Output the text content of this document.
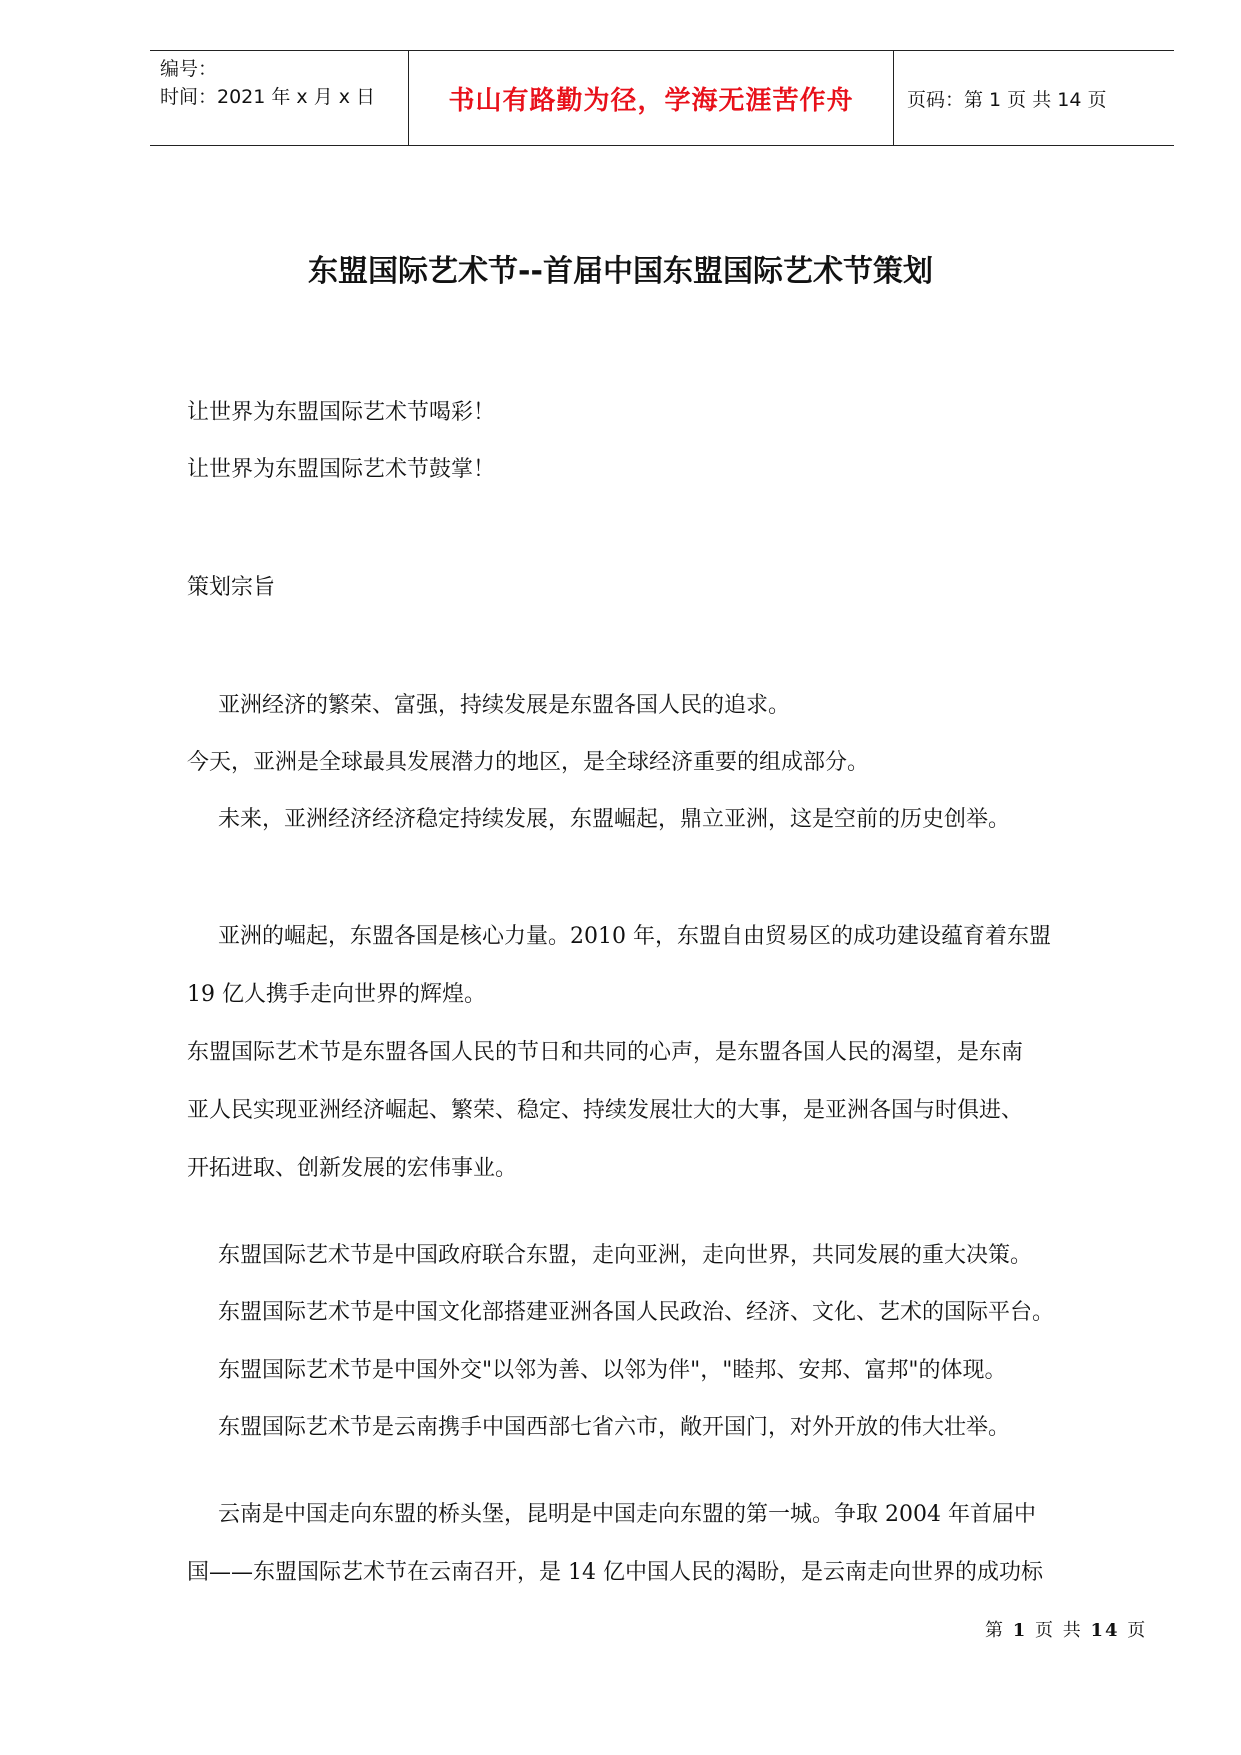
编号：
时间：2021 年 x 月 x 日	书山有路勤为径，学海无涯苦作舟	页码：第 1 页 共 14 页
东盟国际艺术节--首届中国东盟国际艺术节策划
让世界为东盟国际艺术节喝彩！
让世界为东盟国际艺术节鼓掌！
策划宗旨
亚洲经济的繁荣、富强，持续发展是东盟各国人民的追求。
今天，亚洲是全球最具发展潜力的地区，是全球经济重要的组成部分。
未来，亚洲经济经济稳定持续发展，东盟崛起，鼎立亚洲，这是空前的历史创举。
亚洲的崛起，东盟各国是核心力量。2010 年，东盟自由贸易区的成功建设蕴育着东盟
19 亿人携手走向世界的辉煌。
东盟国际艺术节是东盟各国人民的节日和共同的心声，是东盟各国人民的渴望，是东南
亚人民实现亚洲经济崛起、繁荣、稳定、持续发展壮大的大事，是亚洲各国与时俱进、
开拓进取、创新发展的宏伟事业。
东盟国际艺术节是中国政府联合东盟，走向亚洲，走向世界，共同发展的重大决策。
东盟国际艺术节是中国文化部搭建亚洲各国人民政治、经济、文化、艺术的国际平台。
东盟国际艺术节是中国外交"以邻为善、以邻为伴"，"睦邦、安邦、富邦"的体现。
东盟国际艺术节是云南携手中国西部七省六市，敞开国门，对外开放的伟大壮举。
云南是中国走向东盟的桥头堡，昆明是中国走向东盟的第一城。争取 2004 年首届中
国——东盟国际艺术节在云南召开，是 14 亿中国人民的渴盼，是云南走向世界的成功标
第 1 页 共 14 页
